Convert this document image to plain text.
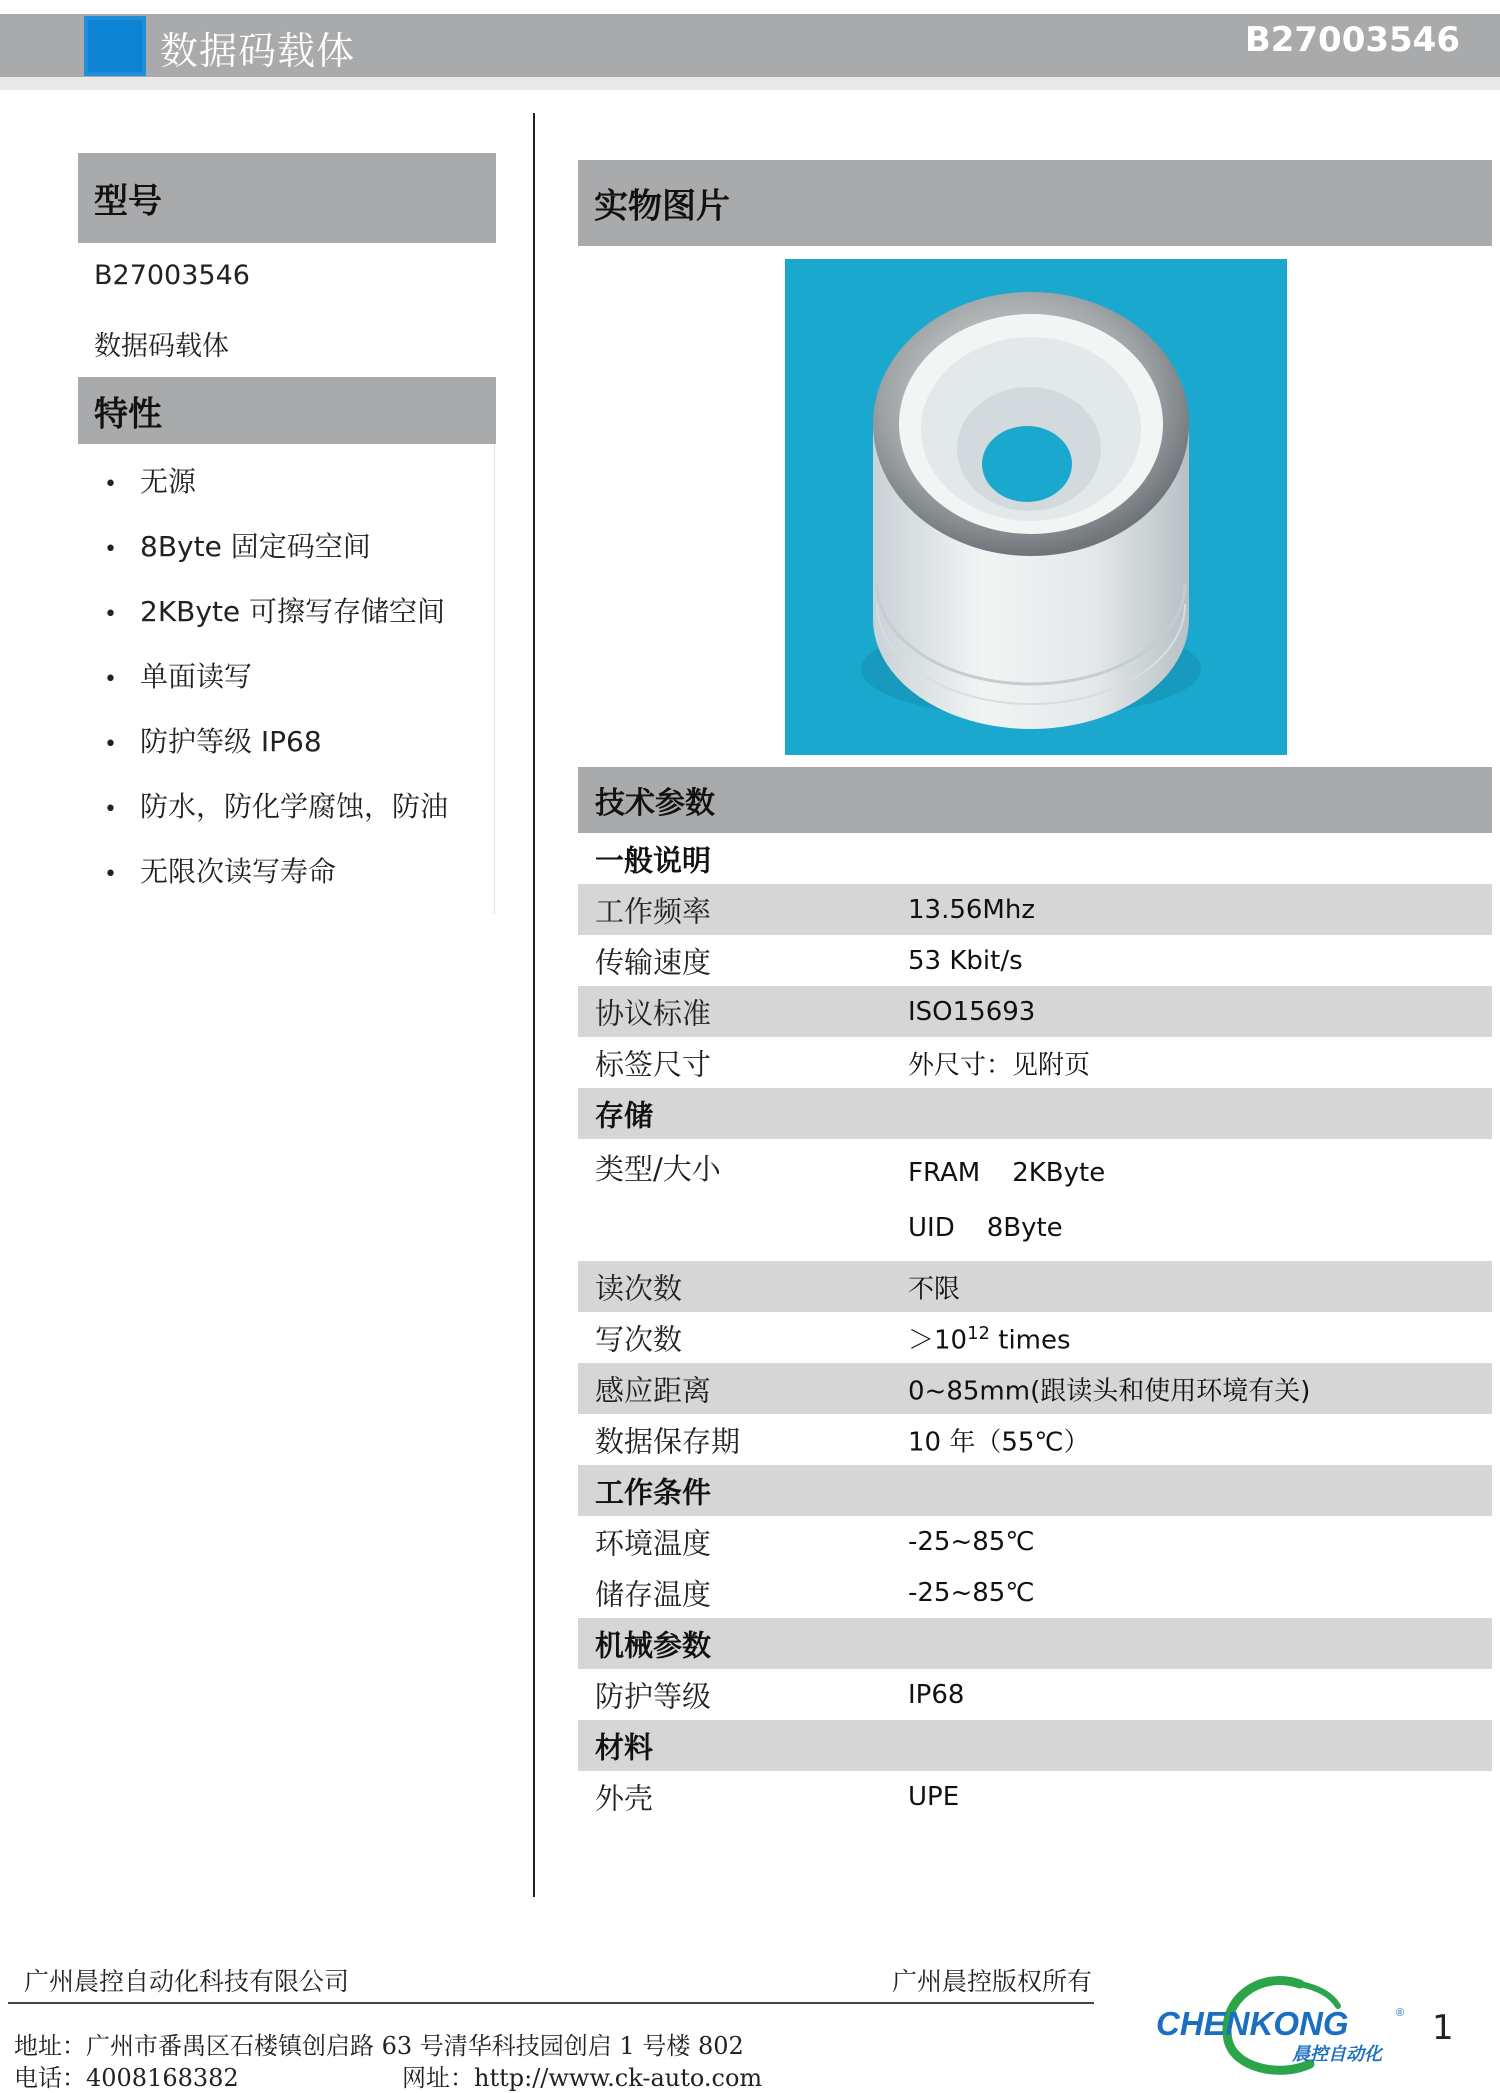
数据码载体	B27003546
型号
B27003546
数据码载体
特性
• 无源
• 8Byte 固定码空间
• 2KByte 可擦写存储空间
• 单面读写
• 防护等级 IP68
• 防水，防化学腐蚀，防油
• 无限次读写寿命
实物图片
技术参数
一般说明
工作频率	13.56Mhz
传输速度	53 Kbit/s
协议标准	ISO15693
标签尺寸	外尺寸：见附页
存储
类型/大小	FRAM 2KByte
UID 8Byte
读次数	不限
写次数	$>10^{12}$ times
感应距离	0~85mm(跟读头和使用环境有关)
数据保存期	10 年（55℃）
工作条件
环境温度	-25~85℃
储存温度	-25~85℃
机械参数
防护等级	IP68
材料
外壳	UPE
广州晨控自动化科技有限公司	广州晨控版权所有
地址：广州市番禺区石楼镇创启路 63 号清华科技园创启 1 号楼 802
电话：4008168382	网址：http://www.ck-auto.com
CHENKONG	®
晨控自动化
1
